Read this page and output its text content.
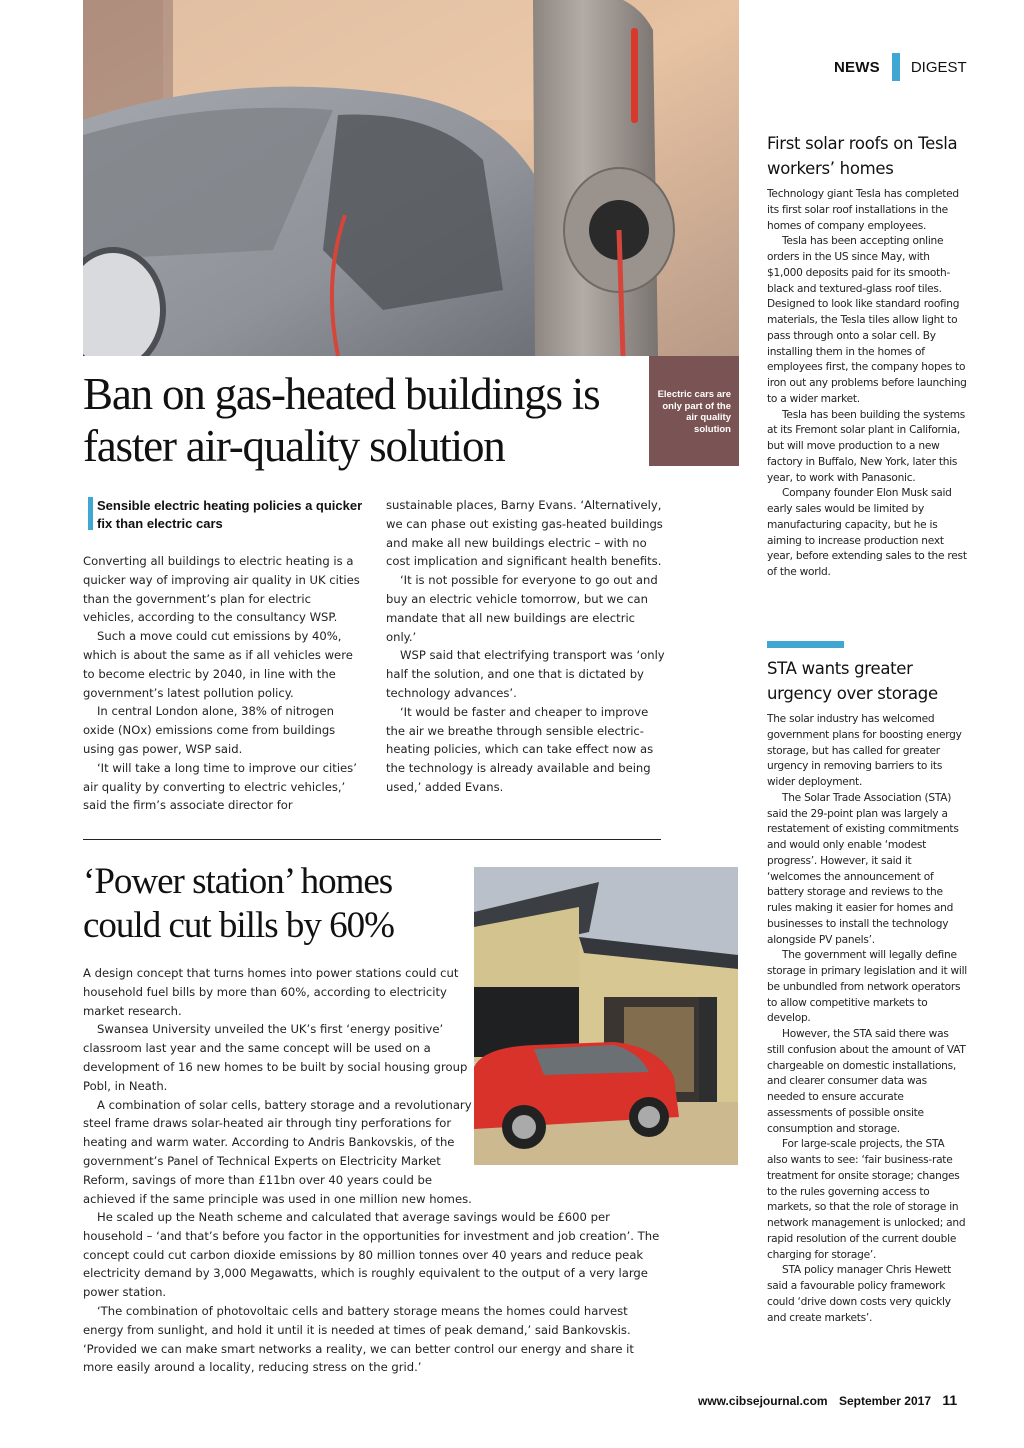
NEWS DIGEST

Electric cars are only part of the air quality solution

Ban on gas-heated buildings is faster air-quality solution

Sensible electric heating policies a quicker fix than electric cars

Converting all buildings to electric heating is a quicker way of improving air quality in UK cities than the government’s plan for electric vehicles, according to the consultancy WSP.

Such a move could cut emissions by 40%, which is about the same as if all vehicles were to become electric by 2040, in line with the government’s latest pollution policy.

In central London alone, 38% of nitrogen oxide (NOx) emissions come from buildings using gas power, WSP said.

‘It will take a long time to improve our cities’ air quality by converting to electric vehicles,’ said the firm’s associate director for

sustainable places, Barny Evans. ‘Alternatively, we can phase out existing gas-heated buildings and make all new buildings electric – with no cost implication and significant health benefits.

‘It is not possible for everyone to go out and buy an electric vehicle tomorrow, but we can mandate that all new buildings are electric only.’

WSP said that electrifying transport was ‘only half the solution, and one that is dictated by technology advances’.

‘It would be faster and cheaper to improve the air we breathe through sensible electric-heating policies, which can take effect now as the technology is already available and being used,’ added Evans.

‘Power station’ homes could cut bills by 60%

A design concept that turns homes into power stations could cut household fuel bills by more than 60%, according to electricity market research.

Swansea University unveiled the UK’s first ‘energy positive’ classroom last year and the same concept will be used on a development of 16 new homes to be built by social housing group Pobl, in Neath.

A combination of solar cells, battery storage and a revolutionary steel frame draws solar-heated air through tiny perforations for heating and warm water. According to Andris Bankovskis, of the government’s Panel of Technical Experts on Electricity Market Reform, savings of more than £11bn over 40 years could be achieved if the same principle was used in one million new homes.

He scaled up the Neath scheme and calculated that average savings would be £600 per household – ‘and that’s before you factor in the opportunities for investment and job creation’. The concept could cut carbon dioxide emissions by 80 million tonnes over 40 years and reduce peak electricity demand by 3,000 Megawatts, which is roughly equivalent to the output of a very large power station.

‘The combination of photovoltaic cells and battery storage means the homes could harvest energy from sunlight, and hold it until it is needed at times of peak demand,’ said Bankovskis. ‘Provided we can make smart networks a reality, we can better control our energy and share it more easily around a locality, reducing stress on the grid.’

First solar roofs on Tesla workers’ homes

Technology giant Tesla has completed its first solar roof installations in the homes of company employees.

Tesla has been accepting online orders in the US since May, with $1,000 deposits paid for its smooth-black and textured-glass roof tiles. Designed to look like standard roofing materials, the Tesla tiles allow light to pass through onto a solar cell. By installing them in the homes of employees first, the company hopes to iron out any problems before launching to a wider market.

Tesla has been building the systems at its Fremont solar plant in California, but will move production to a new factory in Buffalo, New York, later this year, to work with Panasonic.

Company founder Elon Musk said early sales would be limited by manufacturing capacity, but he is aiming to increase production next year, before extending sales to the rest of the world.

STA wants greater urgency over storage

The solar industry has welcomed government plans for boosting energy storage, but has called for greater urgency in removing barriers to its wider deployment.

The Solar Trade Association (STA) said the 29-point plan was largely a restatement of existing commitments and would only enable ‘modest progress’. However, it said it ‘welcomes the announcement of battery storage and reviews to the rules making it easier for homes and businesses to install the technology alongside PV panels’.

The government will legally define storage in primary legislation and it will be unbundled from network operators to allow competitive markets to develop.

However, the STA said there was still confusion about the amount of VAT chargeable on domestic installations, and clearer consumer data was needed to ensure accurate assessments of possible onsite consumption and storage.

For large-scale projects, the STA also wants to see: ‘fair business-rate treatment for onsite storage; changes to the rules governing access to markets, so that the role of storage in network management is unlocked; and rapid resolution of the current double charging for storage’.

STA policy manager Chris Hewett said a favourable policy framework could ‘drive down costs very quickly and create markets’.

www.cibsejournal.com September 2017 11
